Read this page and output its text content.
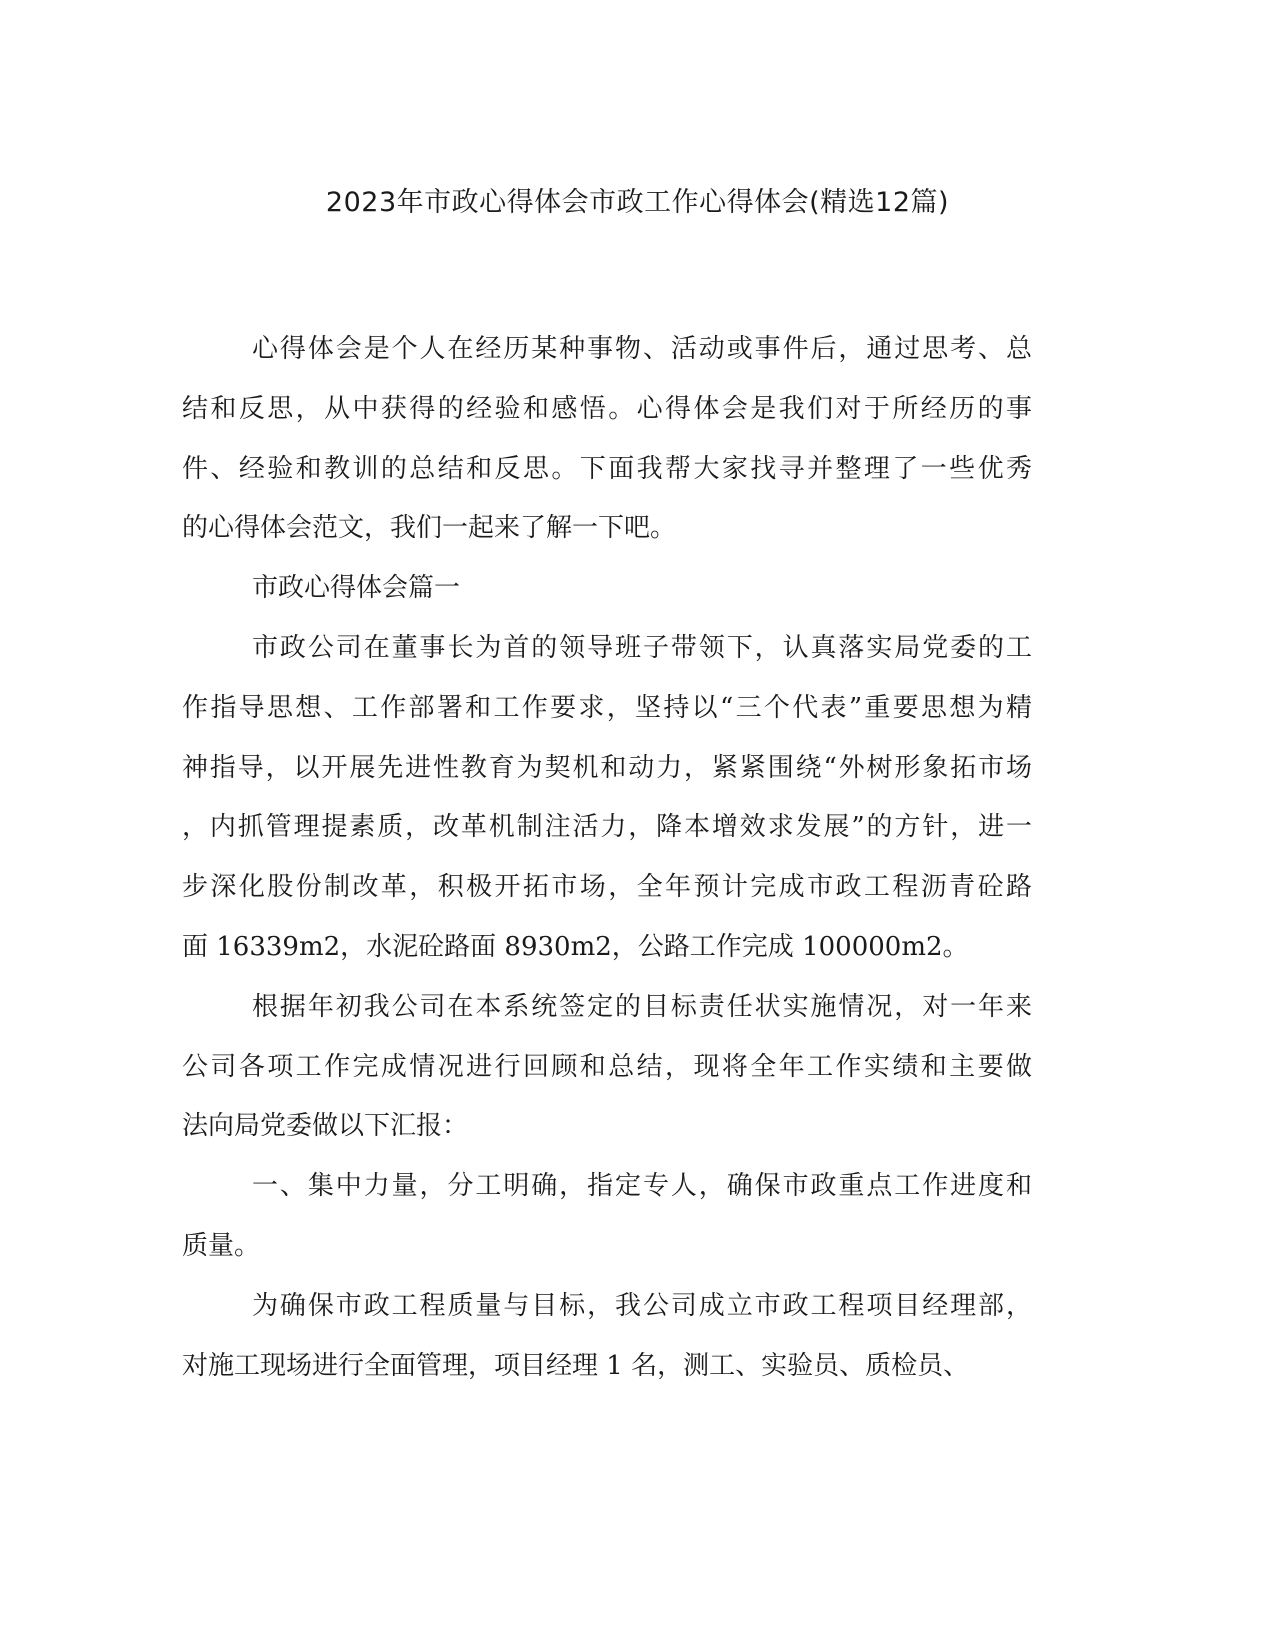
2023年市政心得体会市政工作心得体会(精选12篇)
心得体会是个人在经历某种事物、活动或事件后，通过思考、总
结和反思，从中获得的经验和感悟。心得体会是我们对于所经历的事
件、经验和教训的总结和反思。下面我帮大家找寻并整理了一些优秀
的心得体会范文，我们一起来了解一下吧。
市政心得体会篇一
市政公司在董事长为首的领导班子带领下，认真落实局党委的工
作指导思想、工作部署和工作要求，坚持以“三个代表”重要思想为精
神指导，以开展先进性教育为契机和动力，紧紧围绕“外树形象拓市场
，内抓管理提素质，改革机制注活力，降本增效求发展”的方针，进一
步深化股份制改革，积极开拓市场，全年预计完成市政工程沥青砼路
面 16339m2，水泥砼路面 8930m2，公路工作完成 100000m2。
根据年初我公司在本系统签定的目标责任状实施情况，对一年来
公司各项工作完成情况进行回顾和总结，现将全年工作实绩和主要做
法向局党委做以下汇报：
一、集中力量，分工明确，指定专人，确保市政重点工作进度和
质量。
为确保市政工程质量与目标，我公司成立市政工程项目经理部，
对施工现场进行全面管理，项目经理 1 名，测工、实验员、质检员、
